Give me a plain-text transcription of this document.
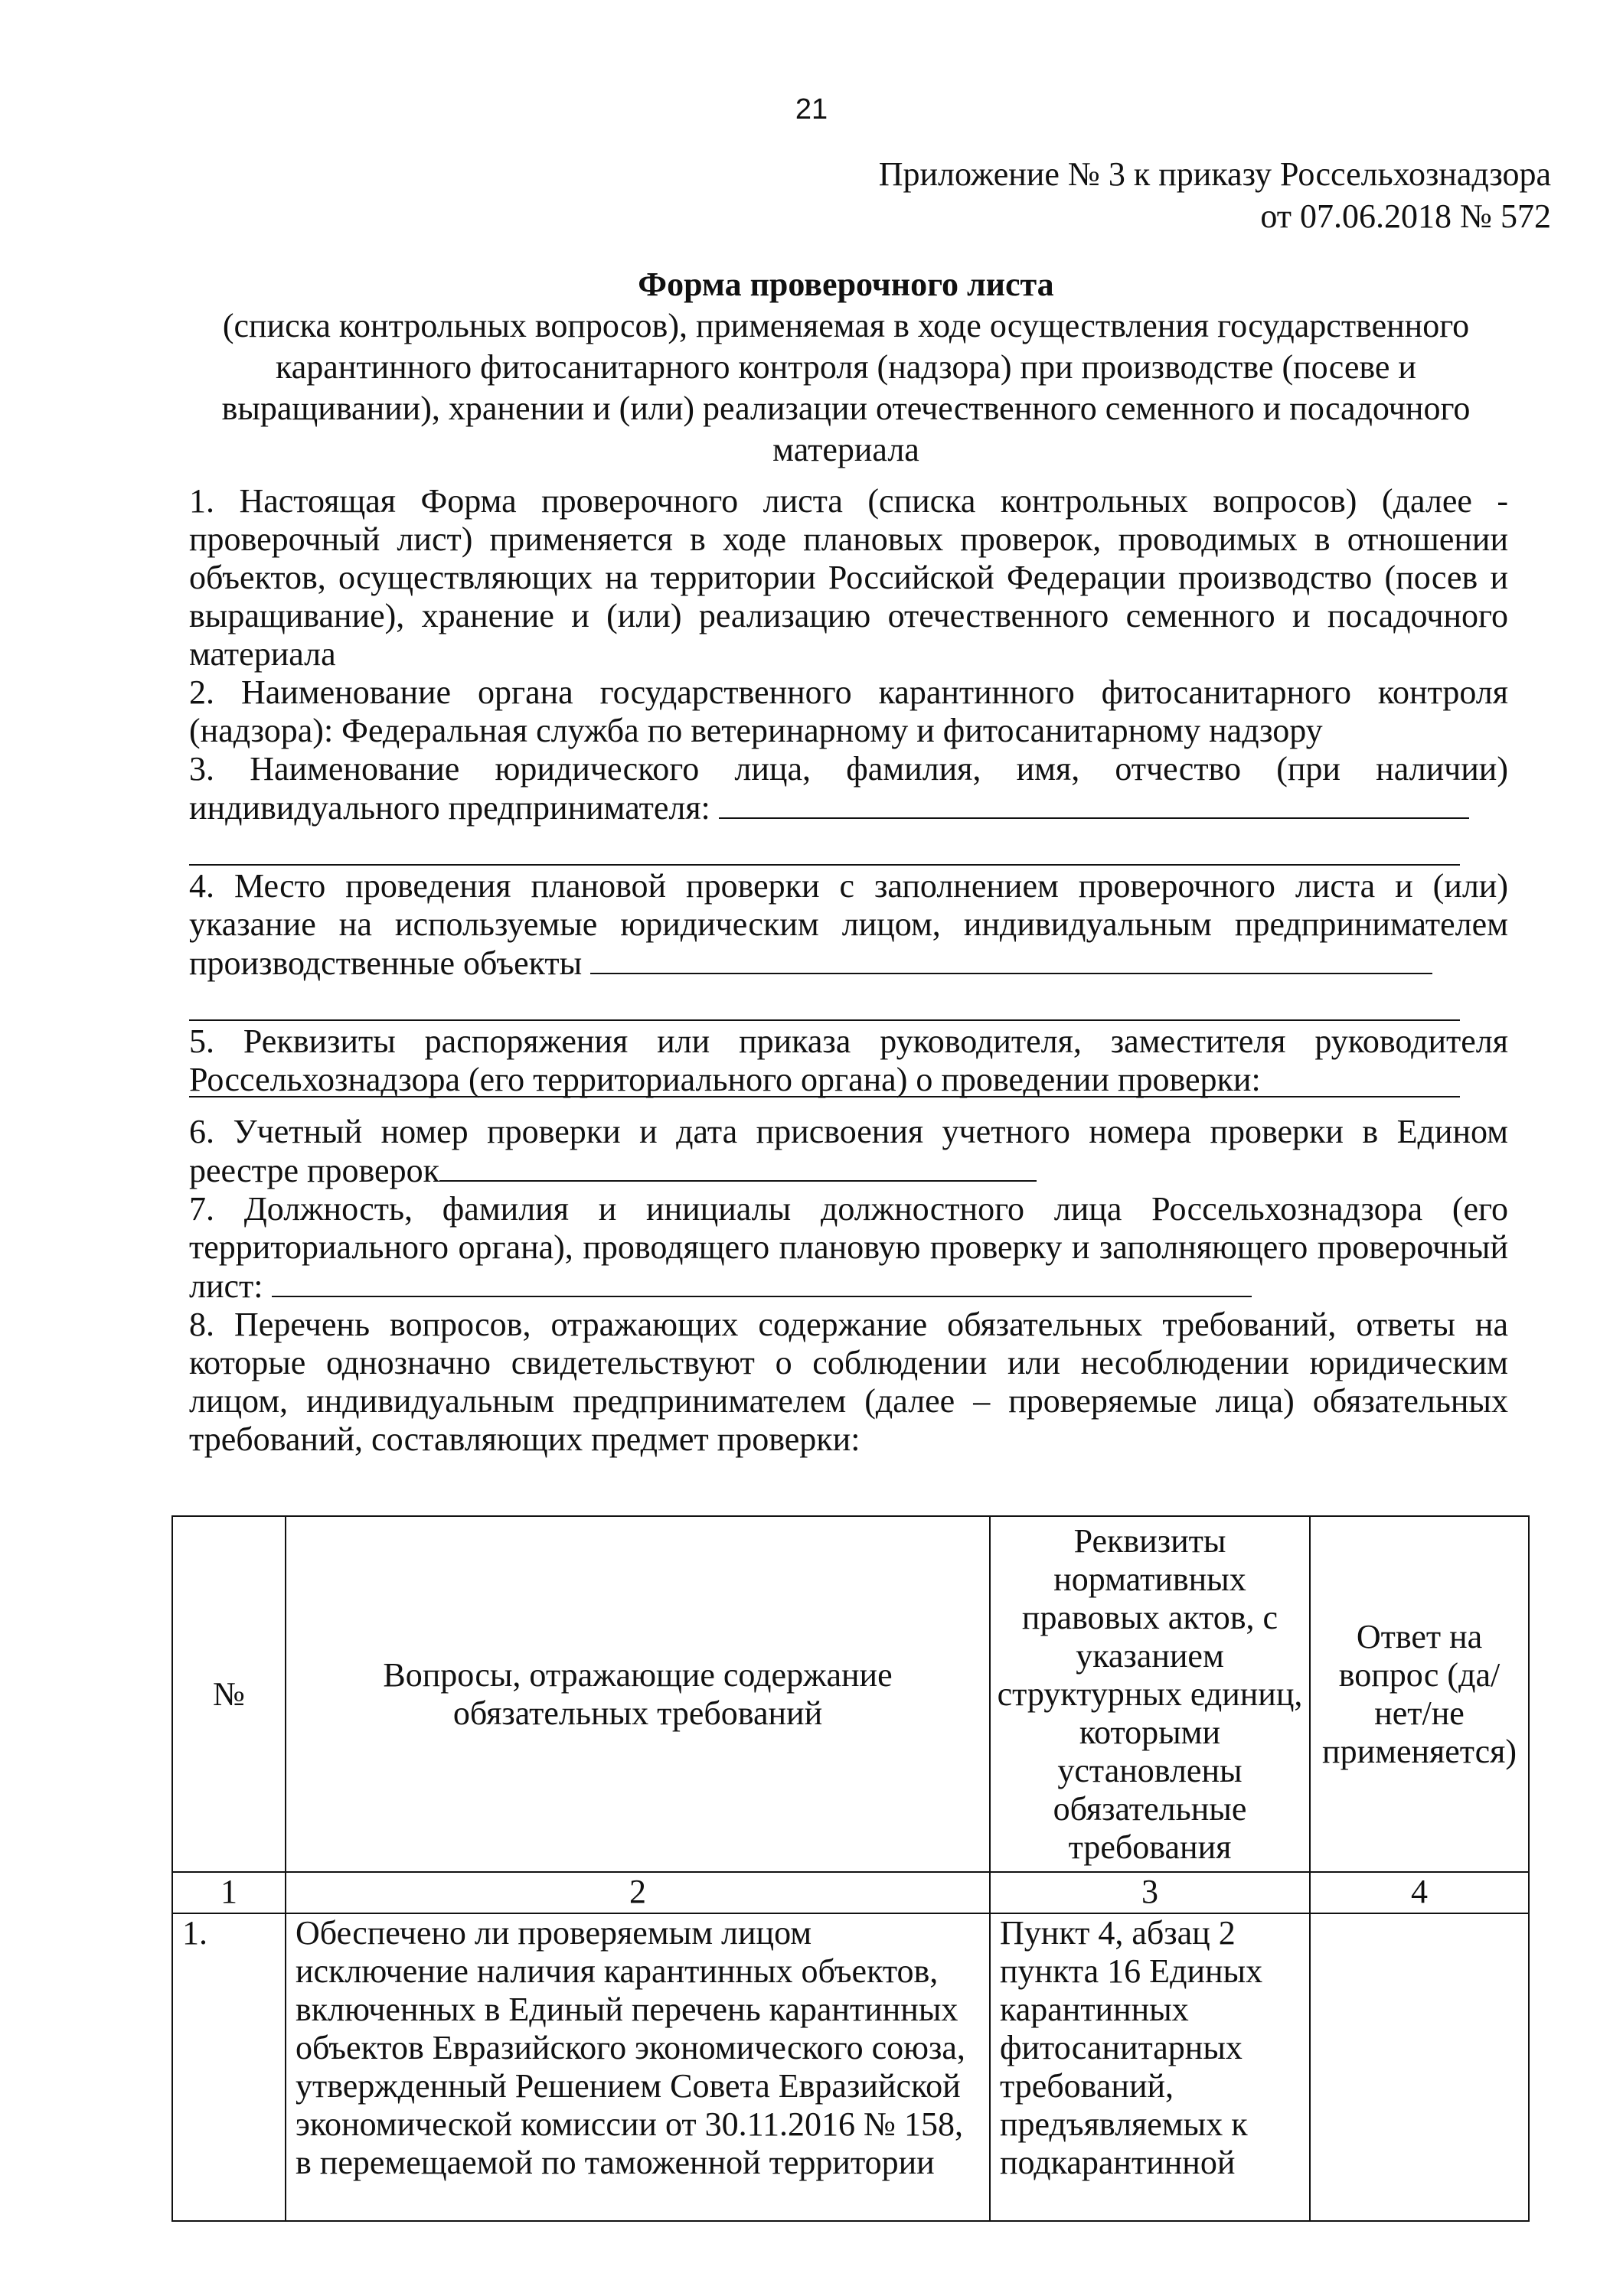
21
Приложение № 3 к приказу Россельхознадзора
от 07.06.2018 № 572
Форма проверочного листа
(списка контрольных вопросов), применяемая в ходе осуществления государственного карантинного фитосанитарного контроля (надзора) при производстве (посеве и выращивании), хранении и (или) реализации отечественного семенного и посадочного материала

1. Настоящая Форма проверочного листа (списка контрольных вопросов) (далее - проверочный лист) применяется в ходе плановых проверок, проводимых в отношении объектов, осуществляющих на территории Российской Федерации производство (посев и выращивание), хранение и (или) реализацию отечественного семенного и посадочного материала

2. Наименование органа государственного карантинного фитосанитарного контроля (надзора): Федеральная служба по ветеринарному и фитосанитарному надзору

3. Наименование юридического лица, фамилия, имя, отчество (при наличии) индивидуального предпринимателя:

4. Место проведения плановой проверки с заполнением проверочного листа и (или) указание на используемые юридическим лицом, индивидуальным предпринимателем производственные объекты

5. Реквизиты распоряжения или приказа руководителя, заместителя руководителя Россельхознадзора (его территориального органа) о проведении проверки:

6. Учетный номер проверки и дата присвоения учетного номера проверки в Едином реестре проверок

7. Должность, фамилия и инициалы должностного лица Россельхознадзора (его территориального органа), проводящего плановую проверку и заполняющего проверочный лист:

8. Перечень вопросов, отражающих содержание обязательных требований, ответы на которые однозначно свидетельствуют о соблюдении или несоблюдении юридическим лицом, индивидуальным предпринимателем (далее – проверяемые лица) обязательных требований, составляющих предмет проверки:

№	Вопросы, отражающие содержание обязательных требований	Реквизиты нормативных правовых актов, с указанием структурных единиц, которыми установлены обязательные требования	Ответ на вопрос (да/нет/не применяется)
1	2	3	4
1.	Обеспечено ли проверяемым лицом исключение наличия карантинных объектов, включенных в Единый перечень карантинных объектов Евразийского экономического союза, утвержденный Решением Совета Евразийской экономической комиссии от 30.11.2016 № 158, в перемещаемой по таможенной территории	Пункт 4, абзац 2 пункта 16 Единых карантинных фитосанитарных требований, предъявляемых к подкарантинной	
